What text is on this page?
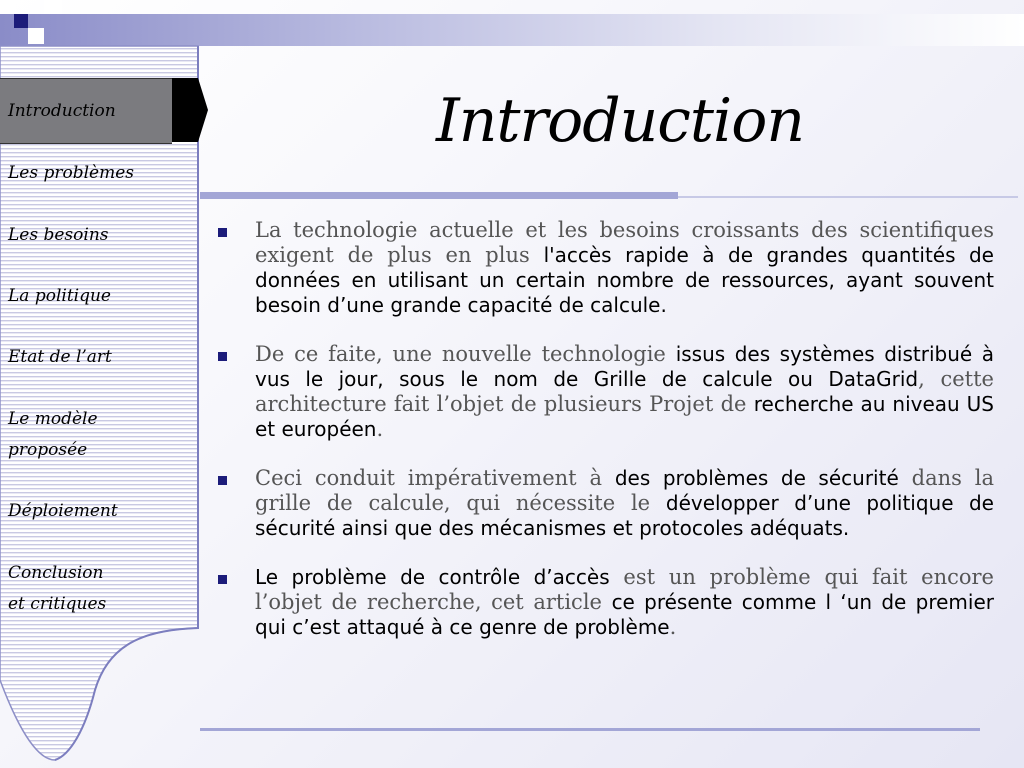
Introduction
Les problèmes
Les besoins
La politique
Etat de l’art
Le modèle
proposée
Déploiement
Conclusion
et critiques
Introduction
La technologie actuelle et les besoins croissants des scientifiques exigent de plus en plus l'accès rapide à de grandes quantités de données en utilisant un certain nombre de ressources, ayant souvent besoin d’une grande capacité de calcule.
De ce faite, une nouvelle technologie issus des systèmes distribué à vus le jour, sous le nom de Grille de calcule ou DataGrid, cette architecture fait l’objet de plusieurs Projet de recherche au niveau US et européen.
Ceci conduit impérativement à des problèmes de sécurité dans la grille de calcule, qui nécessite le développer d’une politique de sécurité ainsi que des mécanismes et protocoles adéquats.
Le problème de contrôle d’accès est un problème qui fait encore l’objet de recherche, cet article ce présente comme l ‘un de premier qui c’est attaqué à ce genre de problème.
